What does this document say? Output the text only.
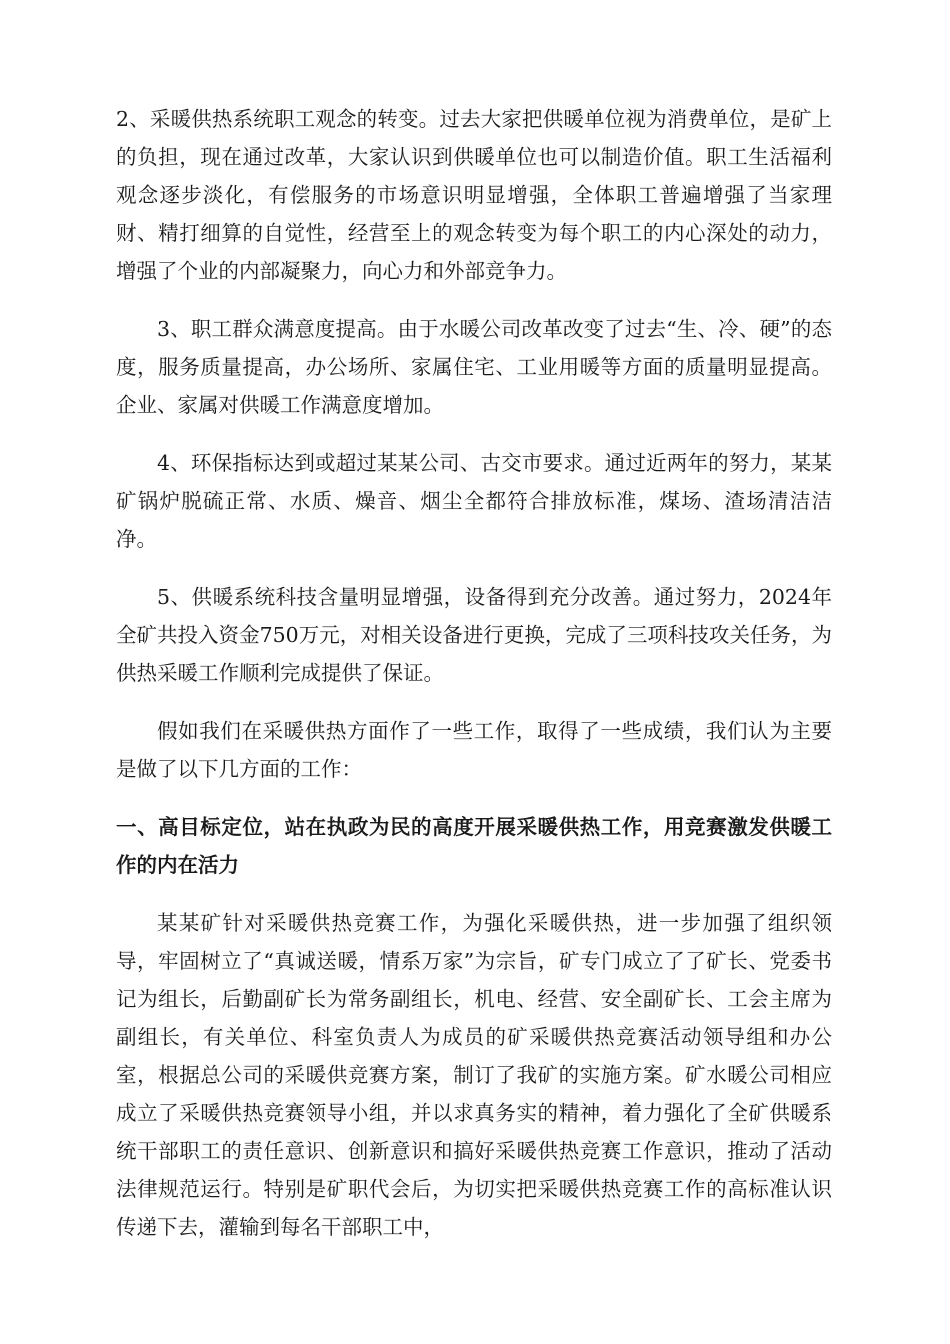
2、采暖供热系统职工观念的转变。过去大家把供暖单位视为消费单位，是矿上的负担，现在通过改革，大家认识到供暖单位也可以制造价值。职工生活福利观念逐步淡化，有偿服务的市场意识明显增强，全体职工普遍增强了当家理财、精打细算的自觉性，经营至上的观念转变为每个职工的内心深处的动力，增强了个业的内部凝聚力，向心力和外部竞争力。

3、职工群众满意度提高。由于水暖公司改革改变了过去“生、冷、硬”的态度，服务质量提高，办公场所、家属住宅、工业用暖等方面的质量明显提高。企业、家属对供暖工作满意度增加。

4、环保指标达到或超过某某公司、古交市要求。通过近两年的努力，某某矿锅炉脱硫正常、水质、燥音、烟尘全都符合排放标准，煤场、渣场清洁洁净。

5、供暖系统科技含量明显增强，设备得到充分改善。通过努力，2024年全矿共投入资金750万元，对相关设备进行更换，完成了三项科技攻关任务，为供热采暖工作顺利完成提供了保证。

假如我们在采暖供热方面作了一些工作，取得了一些成绩，我们认为主要是做了以下几方面的工作：

一、高目标定位，站在执政为民的高度开展采暖供热工作，用竞赛激发供暖工作的内在活力

某某矿针对采暖供热竞赛工作，为强化采暖供热，进一步加强了组织领导，牢固树立了“真诚送暖，情系万家”为宗旨，矿专门成立了了矿长、党委书记为组长，后勤副矿长为常务副组长，机电、经营、安全副矿长、工会主席为副组长，有关单位、科室负责人为成员的矿采暖供热竞赛活动领导组和办公室，根据总公司的采暖供竞赛方案，制订了我矿的实施方案。矿水暖公司相应成立了采暖供热竞赛领导小组，并以求真务实的精神，着力强化了全矿供暖系统干部职工的责任意识、创新意识和搞好采暖供热竞赛工作意识，推动了活动法律规范运行。特别是矿职代会后，为切实把采暖供热竞赛工作的高标准认识传递下去，灌输到每名干部职工中，
